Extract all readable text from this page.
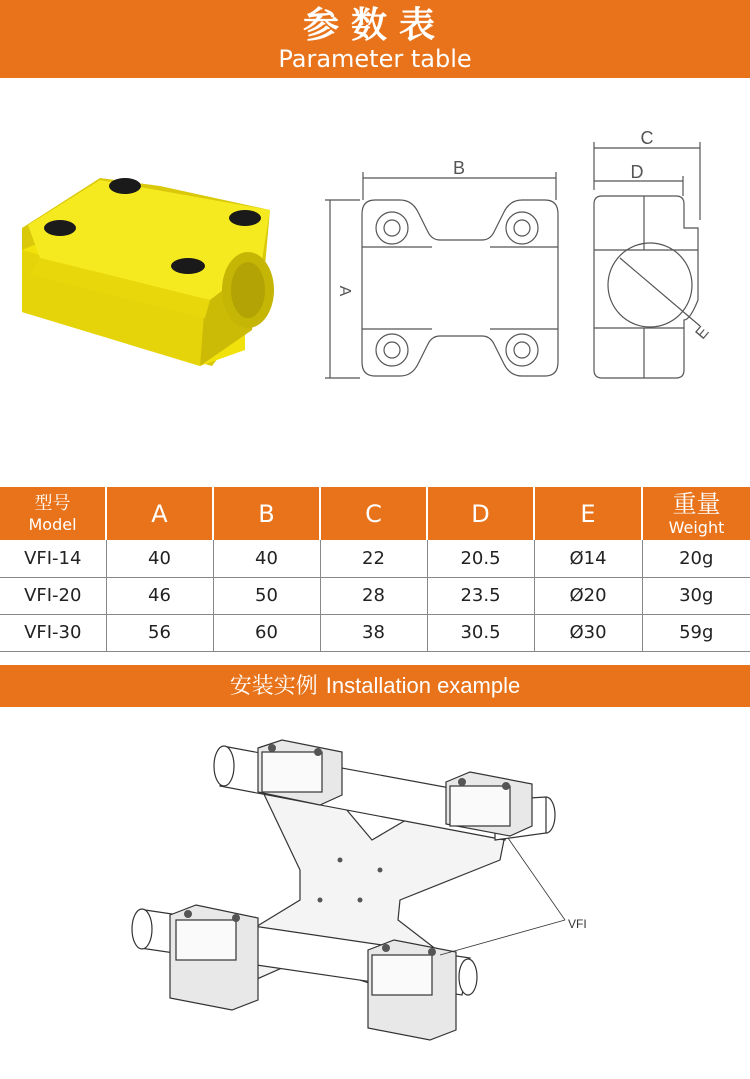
参数表
Parameter table
B
A
C
D
E
型号
Model	A	B	C	D	E	重量
Weight

VFI-14	40	40	22	20.5	Ø14	20g
VFI-20	46	50	28	23.5	Ø20	30g
VFI-30	56	60	38	30.5	Ø30	59g
安装实例 Installation example
VFI
